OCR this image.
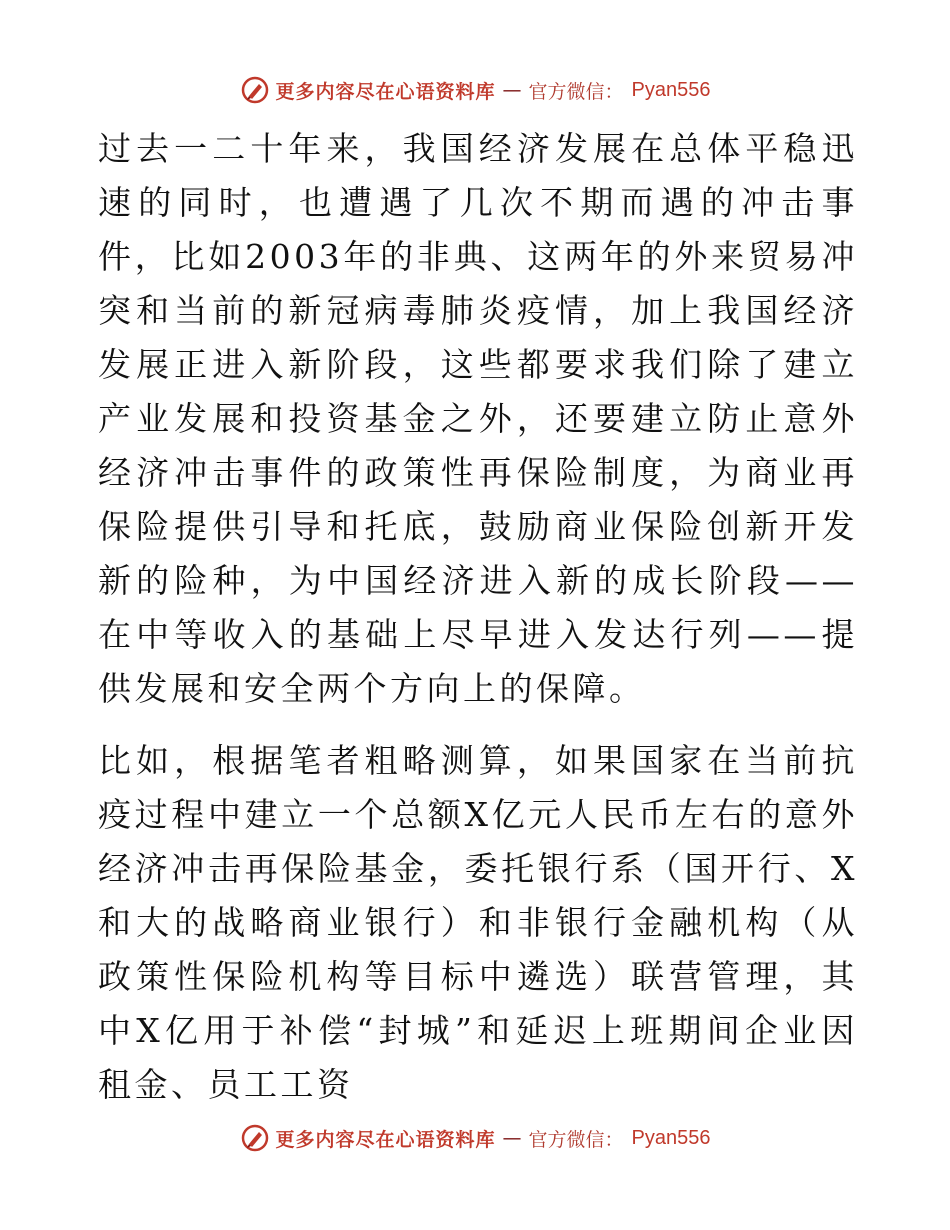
更多内容尽在心语资料库 — 官方微信： Pyan556

过去一二十年来，我国经济发展在总体平稳迅速的同时，也遭遇了几次不期而遇的冲击事件，比如2003年的非典、这两年的外来贸易冲突和当前的新冠病毒肺炎疫情，加上我国经济发展正进入新阶段，这些都要求我们除了建立产业发展和投资基金之外，还要建立防止意外经济冲击事件的政策性再保险制度，为商业再保险提供引导和托底，鼓励商业保险创新开发新的险种，为中国经济进入新的成长阶段——在中等收入的基础上尽早进入发达行列——提供发展和安全两个方向上的保障。

比如，根据笔者粗略测算，如果国家在当前抗疫过程中建立一个总额X亿元人民币左右的意外经济冲击再保险基金，委托银行系（国开行、X和大的战略商业银行）和非银行金融机构（从政策性保险机构等目标中遴选）联营管理，其中X亿用于补偿“封城”和延迟上班期间企业因租金、员工工资

更多内容尽在心语资料库 — 官方微信： Pyan556
